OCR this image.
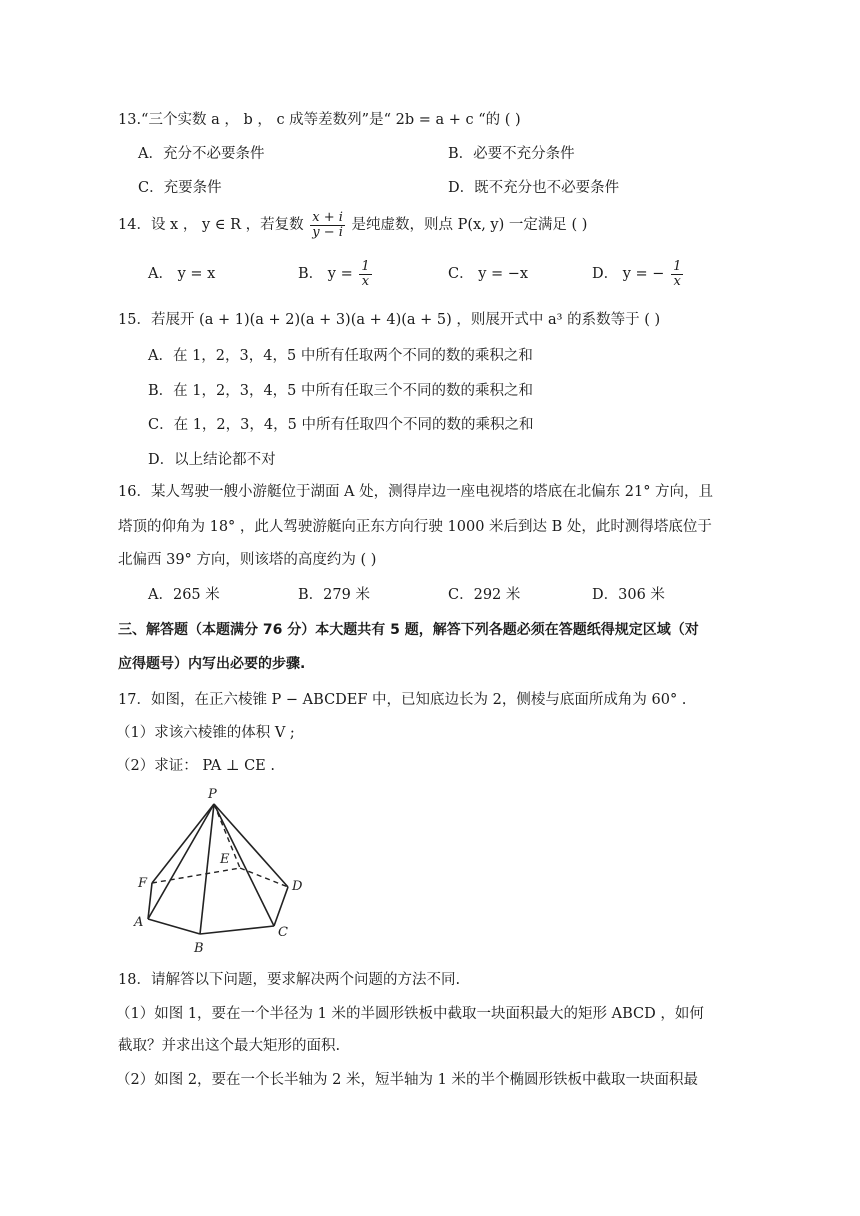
13.“三个实数 a ， b ， c 成等差数列”是“ 2b = a + c “的 ( )
A．充分不必要条件	B．必要不充分条件
C．充要条件	D．既不充分也不必要条件
14．设 x ， y ∈ R ，若复数 $\frac{x + i}{y - i}$ 是纯虚数，则点 P(x, y) 一定满足 ( )
A． y = x	B． $y = \frac{1}{x}$	C． y = −x	D． y = − $\frac{1}{x}$
15．若展开 (a + 1)(a + 2)(a + 3)(a + 4)(a + 5) ，则展开式中 a³ 的系数等于 ( )
A．在 1，2，3，4，5 中所有任取两个不同的数的乘积之和
B．在 1，2，3，4，5 中所有任取三个不同的数的乘积之和
C．在 1，2，3，4，5 中所有任取四个不同的数的乘积之和
D．以上结论都不对
16．某人驾驶一艘小游艇位于湖面 A 处，测得岸边一座电视塔的塔底在北偏东 21° 方向，且
塔顶的仰角为 18° ，此人驾驶游艇向正东方向行驶 1000 米后到达 B 处，此时测得塔底位于
北偏西 39° 方向，则该塔的高度约为 ( )
A．265 米	B．279 米	C．292 米	D．306 米
三、解答题（本题满分 76 分）本大题共有 5 题，解答下列各题必须在答题纸得规定区域（对
应得题号）内写出必要的步骤.
17．如图，在正六棱锥 P − ABCDEF 中，已知底边长为 2，侧棱与底面所成角为 60° .
（1）求该六棱锥的体积 V ;
（2）求证： PA ⊥ CE .
P
E
F	D
A
C
B
18．请解答以下问题，要求解决两个问题的方法不同.
（1）如图 1，要在一个半径为 1 米的半圆形铁板中截取一块面积最大的矩形 ABCD ，如何
截取？并求出这个最大矩形的面积.
（2）如图 2，要在一个长半轴为 2 米，短半轴为 1 米的半个椭圆形铁板中截取一块面积最
